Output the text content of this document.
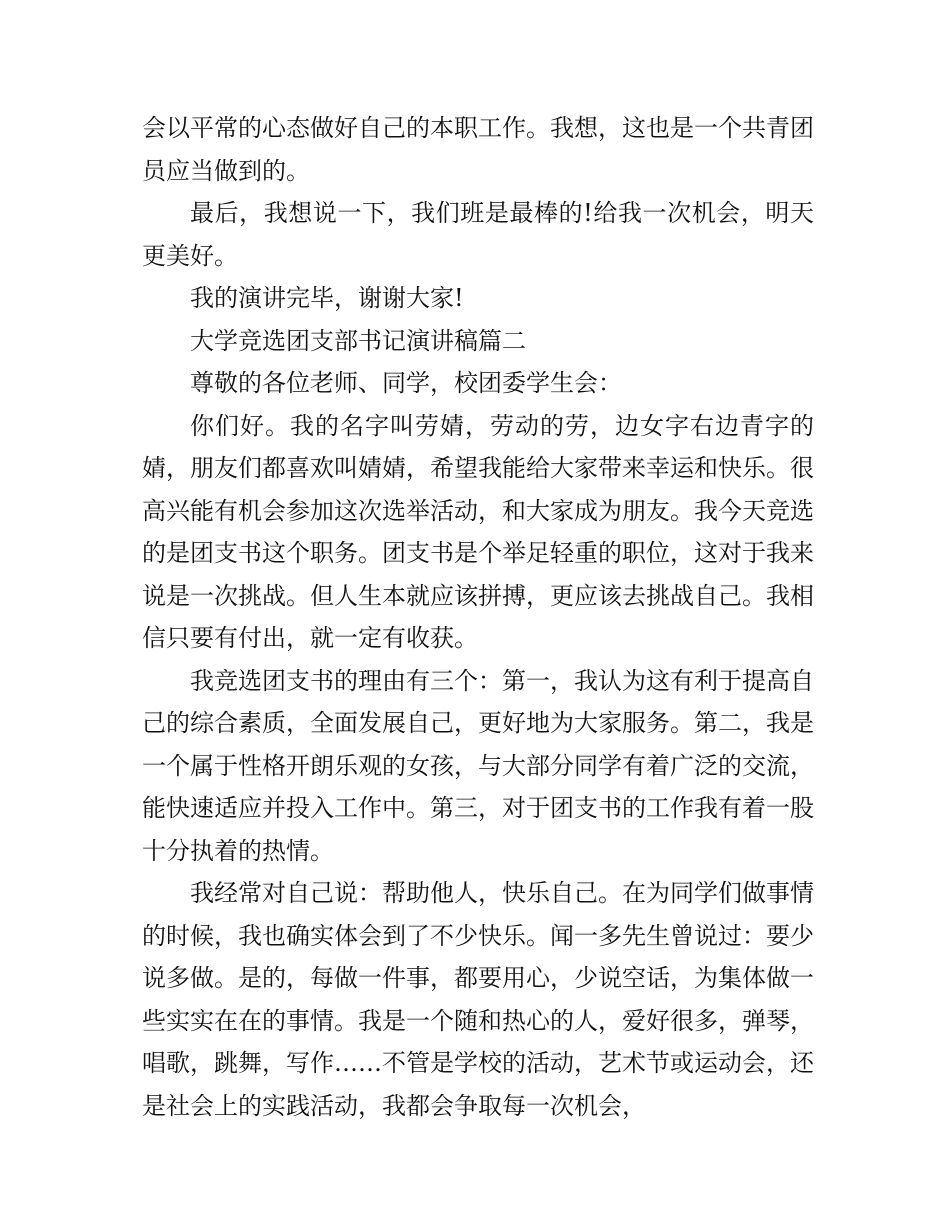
会以平常的心态做好自己的本职工作。我想，这也是一个共青团员应当做到的。

最后，我想说一下，我们班是最棒的!给我一次机会，明天更美好。

我的演讲完毕，谢谢大家!

大学竞选团支部书记演讲稿篇二

尊敬的各位老师、同学，校团委学生会：

你们好。我的名字叫劳婧，劳动的劳，边女字右边青字的婧，朋友们都喜欢叫婧婧，希望我能给大家带来幸运和快乐。很高兴能有机会参加这次选举活动，和大家成为朋友。我今天竞选的是团支书这个职务。团支书是个举足轻重的职位，这对于我来说是一次挑战。但人生本就应该拼搏，更应该去挑战自己。我相信只要有付出，就一定有收获。

我竞选团支书的理由有三个：第一，我认为这有利于提高自己的综合素质，全面发展自己，更好地为大家服务。第二，我是一个属于性格开朗乐观的女孩，与大部分同学有着广泛的交流，能快速适应并投入工作中。第三，对于团支书的工作我有着一股十分执着的热情。

我经常对自己说：帮助他人，快乐自己。在为同学们做事情的时候，我也确实体会到了不少快乐。闻一多先生曾说过：要少说多做。是的，每做一件事，都要用心，少说空话，为集体做一些实实在在的事情。我是一个随和热心的人，爱好很多，弹琴，唱歌，跳舞，写作……不管是学校的活动，艺术节或运动会，还是社会上的实践活动，我都会争取每一次机会，
